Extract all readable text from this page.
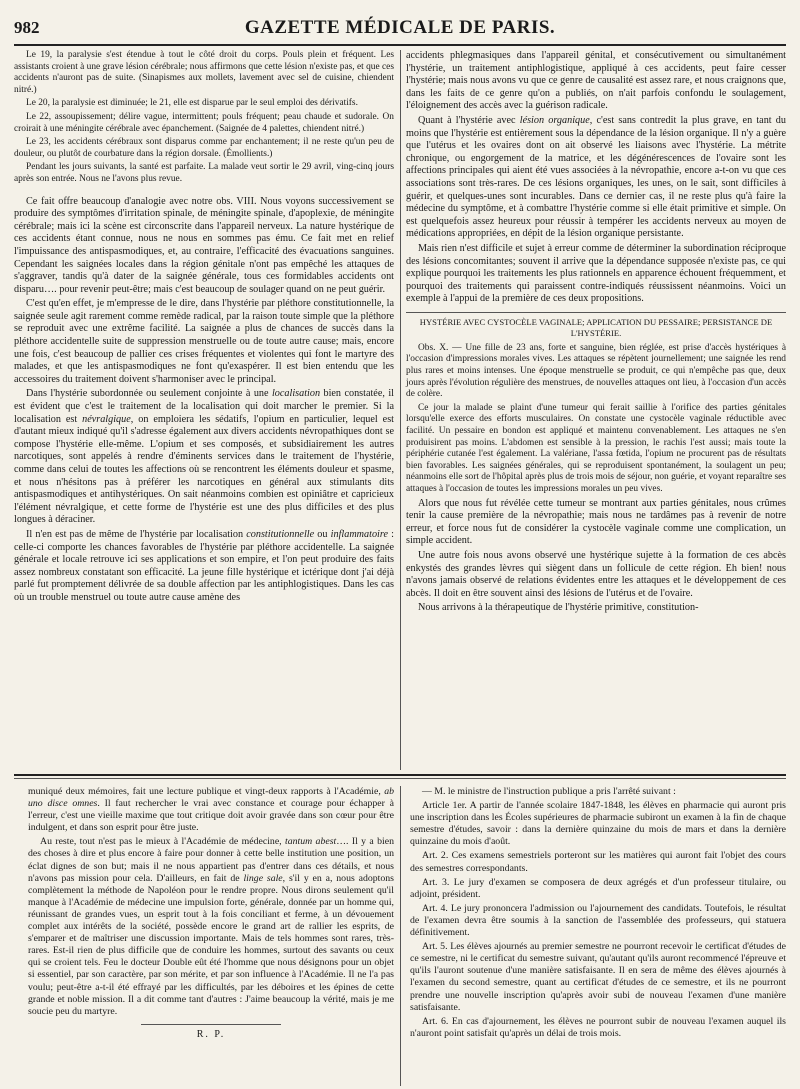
982	GAZETTE MÉDICALE DE PARIS.

Le 19, la paralysie s'est étendue à tout le côté droit du corps. Pouls plein et fréquent. Les assistants croient à une grave lésion cérébrale; nous affirmons que cette lésion n'existe pas, et que ces accidents n'auront pas de suite. (Sinapismes aux mollets, lavement avec sel de cuisine, chiendent nitré.)

Le 20, la paralysie est diminuée; le 21, elle est disparue par le seul emploi des dérivatifs.

Le 22, assoupissement; délire vague, intermittent; pouls fréquent; peau chaude et sudorale. On croirait à une méningite cérébrale avec épanchement. (Saignée de 4 palettes, chiendent nitré.)

Le 23, les accidents cérébraux sont disparus comme par enchantement; il ne reste qu'un peu de douleur, ou plutôt de courbature dans la région dorsale. (Émollients.)

Pendant les jours suivants, la santé est parfaite. La malade veut sortir le 29 avril, ving-cinq jours après son entrée. Nous ne l'avons plus revue.

Ce fait offre beaucoup d'analogie avec notre obs. VIII. Nous voyons successivement se produire des symptômes d'irritation spinale, de méningite spinale, d'apoplexie, de méningite cérébrale; mais ici la scène est circonscrite dans l'appareil nerveux. La nature hystérique de ces accidents étant connue, nous ne nous en sommes pas ému. Ce fait met en relief l'impuissance des antispasmodiques, et, au contraire, l'efficacité des évacuations sanguines. Cependant les saignées locales dans la région génitale n'ont pas empêché les attaques de s'aggraver, tandis qu'à dater de la saignée générale, tous ces formidables accidents ont disparu…. pour revenir peut-être; mais c'est beaucoup de soulager quand on ne peut guérir.

C'est qu'en effet, je m'empresse de le dire, dans l'hystérie par pléthore constitutionnelle, la saignée seule agit rarement comme remède radical, par la raison toute simple que la pléthore se reproduit avec une extrême facilité. La saignée a plus de chances de succès dans la pléthore accidentelle suite de suppression menstruelle ou de toute autre cause; mais, encore une fois, c'est beaucoup de pallier ces crises fréquentes et violentes qui font le martyre des malades, et que les antispasmodiques ne font qu'exaspérer. Il est bien entendu que les accessoires du traitement doivent s'harmoniser avec le principal.

Dans l'hystérie subordonnée ou seulement conjointe à une localisation bien constatée, il est évident que c'est le traitement de la localisation qui doit marcher le premier. Si la localisation est névralgique, on emploiera les sédatifs, l'opium en particulier, lequel est d'autant mieux indiqué qu'il s'adresse également aux divers accidents névropathiques dont se compose l'hystérie elle-même. L'opium et ses composés, et subsidiairement les autres narcotiques, sont appelés à rendre d'éminents services dans le traitement de l'hystérie, comme dans celui de toutes les affections où se rencontrent les éléments douleur et spasme, et nous n'hésitons pas à préférer les narcotiques en général aux stimulants dits antispasmodiques et antihystériques. On sait néanmoins combien est opiniâtre et capricieux l'élément névralgique, et cette forme de l'hystérie est une des plus difficiles et des plus longues à déraciner.

Il n'en est pas de même de l'hystérie par localisation constitutionnelle ou inflammatoire : celle-ci comporte les chances favorables de l'hystérie par pléthore accidentelle. La saignée générale et locale retrouve ici ses applications et son empire, et l'on peut produire des faits assez nombreux constatant son efficacité. La jeune fille hystérique et ictérique dont j'ai déjà parlé fut promptement délivrée de sa double affection par les antiphlogistiques. Dans les cas où un trouble menstruel ou toute autre cause amène des

accidents phlegmasiques dans l'appareil génital, et consécutivement ou simultanément l'hystérie, un traitement antiphlogistique, appliqué à ces accidents, peut faire cesser l'hystérie; mais nous avons vu que ce genre de causalité est assez rare, et nous craignons que, dans les faits de ce genre qu'on a publiés, on n'ait parfois confondu le soulagement, l'éloignement des accès avec la guérison radicale.

Quant à l'hystérie avec lésion organique, c'est sans contredit la plus grave, en tant du moins que l'hystérie est entièrement sous la dépendance de la lésion organique. Il n'y a guère que l'utérus et les ovaires dont on ait observé les liaisons avec l'hystérie. La métrite chronique, ou engorgement de la matrice, et les dégénérescences de l'ovaire sont les affections principales qui aient été vues associées à la névropathie, encore a-t-on vu que ces associations sont très-rares. De ces lésions organiques, les unes, on le sait, sont difficiles à guérir, et quelques-unes sont incurables. Dans ce dernier cas, il ne reste plus qu'à faire la médecine du symptôme, et à combattre l'hystérie comme si elle était primitive et simple. On est quelquefois assez heureux pour réussir à tempérer les accidents nerveux au moyen de médications appropriées, en dépit de la lésion organique persistante.

Mais rien n'est difficile et sujet à erreur comme de déterminer la subordination réciproque des lésions concomitantes; souvent il arrive que la dépendance supposée n'existe pas, ce qui explique pourquoi les traitements les plus rationnels en apparence échouent fréquemment, et pourquoi des traitements qui paraissent contre-indiqués réussissent néanmoins. Voici un exemple à l'appui de la première de ces deux propositions.

HYSTÉRIE AVEC CYSTOCÈLE VAGINALE; APPLICATION DU PESSAIRE; PERSISTANCE DE L'HYSTÉRIE.

Obs. X. — Une fille de 23 ans, forte et sanguine, bien réglée, est prise d'accès hystériques à l'occasion d'impressions morales vives. Les attaques se répètent journellement; une saignée les rend plus rares et moins intenses. Une époque menstruelle se produit, ce qui n'empêche pas que, deux jours après l'évolution régulière des menstrues, de nouvelles attaques ont lieu, à l'occasion d'un accès de colère.

Ce jour la malade se plaint d'une tumeur qui ferait saillie à l'orifice des parties génitales lorsqu'elle exerce des efforts musculaires. On constate une cystocèle vaginale réductible avec facilité. Un pessaire en bondon est appliqué et maintenu convenablement. Les attaques ne s'en produisirent pas moins. L'abdomen est sensible à la pression, le rachis l'est aussi; mais toute la périphérie cutanée l'est également. La valériane, l'assa fœtida, l'opium ne procurent pas de résultats bien favorables. Les saignées générales, qui se reproduisent spontanément, la soulagent un peu; néanmoins elle sort de l'hôpital après plus de trois mois de séjour, non guérie, et voyant reparaître ses attaques à l'occasion de toutes les impressions morales un peu vives.

Alors que nous fut révélée cette tumeur se montrant aux parties génitales, nous crûmes tenir la cause première de la névropathie; mais nous ne tardâmes pas à revenir de notre erreur, et force nous fut de considérer la cystocèle vaginale comme une complication, un simple accident.

Une autre fois nous avons observé une hystérique sujette à la formation de ces abcès enkystés des grandes lèvres qui siègent dans un follicule de cette région. Eh bien! nous n'avons jamais observé de relations évidentes entre les attaques et le développement de ces abcès. Il doit en être souvent ainsi des lésions de l'utérus et de l'ovaire.

Nous arrivons à la thérapeutique de l'hystérie primitive, constitution-

muniqué deux mémoires, fait une lecture publique et vingt-deux rapports à l'Académie, ab uno disce omnes. Il faut rechercher le vrai avec constance et courage pour échapper à l'erreur, c'est une vieille maxime que tout critique doit avoir gravée dans son cœur pour être indulgent, et dans son esprit pour être juste.

Au reste, tout n'est pas le mieux à l'Académie de médecine, tantum abest…. Il y a bien des choses à dire et plus encore à faire pour donner à cette belle institution une position, un éclat dignes de son but; mais il ne nous appartient pas d'entrer dans ces détails, et nous n'avons pas mission pour cela. D'ailleurs, en fait de linge sale, s'il y en a, nous adoptons complètement la méthode de Napoléon pour le rendre propre. Nous dirons seulement qu'il manque à l'Académie de médecine une impulsion forte, générale, donnée par un homme qui, réunissant de grandes vues, un esprit tout à la fois conciliant et ferme, à un dévouement complet aux intérêts de la société, possède encore le grand art de rallier les esprits, de s'emparer et de maîtriser une discussion importante. Mais de tels hommes sont rares, très-rares. Est-il rien de plus difficile que de conduire les hommes, surtout des savants ou ceux qui se croient tels. Feu le docteur Double eût été l'homme que nous désignons pour un objet si essentiel, par son caractère, par son mérite, et par son influence à l'Académie. Il ne l'a pas voulu; peut-être a-t-il été effrayé par les difficultés, par les déboires et les épines de cette grande et noble mission. Il a dit comme tant d'autres : J'aime beaucoup la vérité, mais je me soucie peu du martyre.

R. P.

— M. le ministre de l'instruction publique a pris l'arrêté suivant :

Article 1er. A partir de l'année scolaire 1847-1848, les élèves en pharmacie qui auront pris une inscription dans les Écoles supérieures de pharmacie subiront un examen à la fin de chaque semestre d'études, savoir : dans la dernière quinzaine du mois de mars et dans la dernière quinzaine du mois d'août.

Art. 2. Ces examens semestriels porteront sur les matières qui auront fait l'objet des cours des semestres correspondants.

Art. 3. Le jury d'examen se composera de deux agrégés et d'un professeur titulaire, ou adjoint, président.

Art. 4. Le jury prononcera l'admission ou l'ajournement des candidats. Toutefois, le résultat de l'examen devra être soumis à la sanction de l'assemblée des professeurs, qui statuera définitivement.

Art. 5. Les élèves ajournés au premier semestre ne pourront recevoir le certificat d'études de ce semestre, ni le certificat du semestre suivant, qu'autant qu'ils auront recommencé l'épreuve et qu'ils l'auront soutenue d'une manière satisfaisante. Il en sera de même des élèves ajournés à l'examen du second semestre, quant au certificat d'études de ce semestre, et ils ne pourront prendre une nouvelle inscription qu'après avoir subi de nouveau l'examen d'une manière satisfaisante.

Art. 6. En cas d'ajournement, les élèves ne pourront subir de nouveau l'examen auquel ils n'auront point satisfait qu'après un délai de trois mois.
